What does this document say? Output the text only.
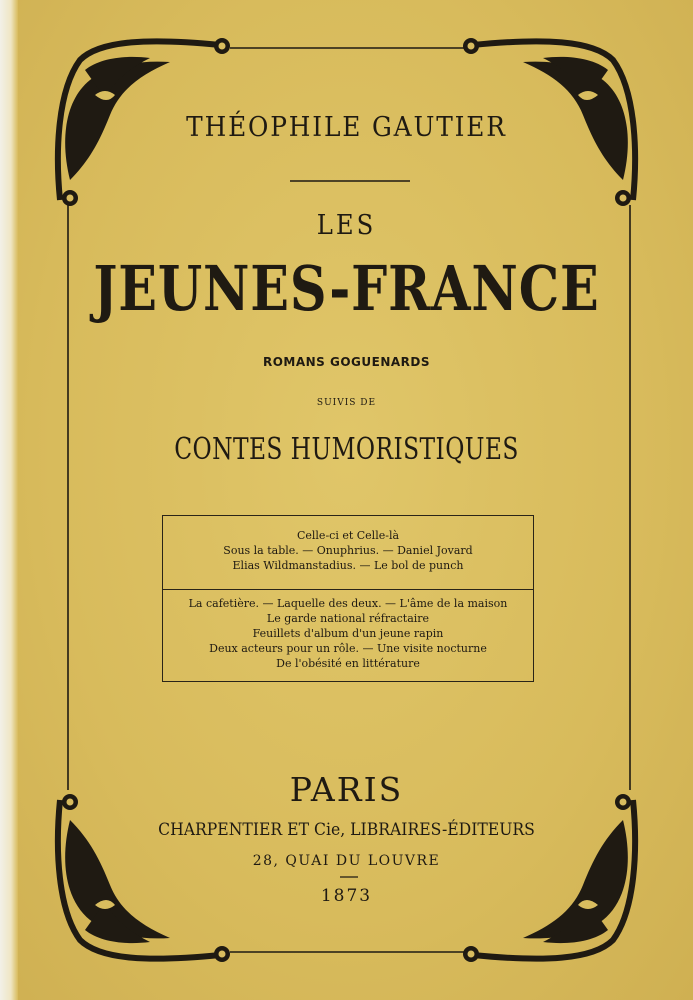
THÉOPHILE GAUTIER
LES
JEUNES-FRANCE
ROMANS GOGUENARDS
SUIVIS DE
CONTES HUMORISTIQUES
Celle-ci et Celle-là
Sous la table. — Onuphrius. — Daniel Jovard
Elias Wildmanstadius. — Le bol de punch
La cafetière. — Laquelle des deux. — L'âme de la maison
Le garde national réfractaire
Feuillets d'album d'un jeune rapin
Deux acteurs pour un rôle. — Une visite nocturne
De l'obésité en littérature
PARIS
CHARPENTIER ET Cie, LIBRAIRES-ÉDITEURS
28, QUAI DU LOUVRE
1873
